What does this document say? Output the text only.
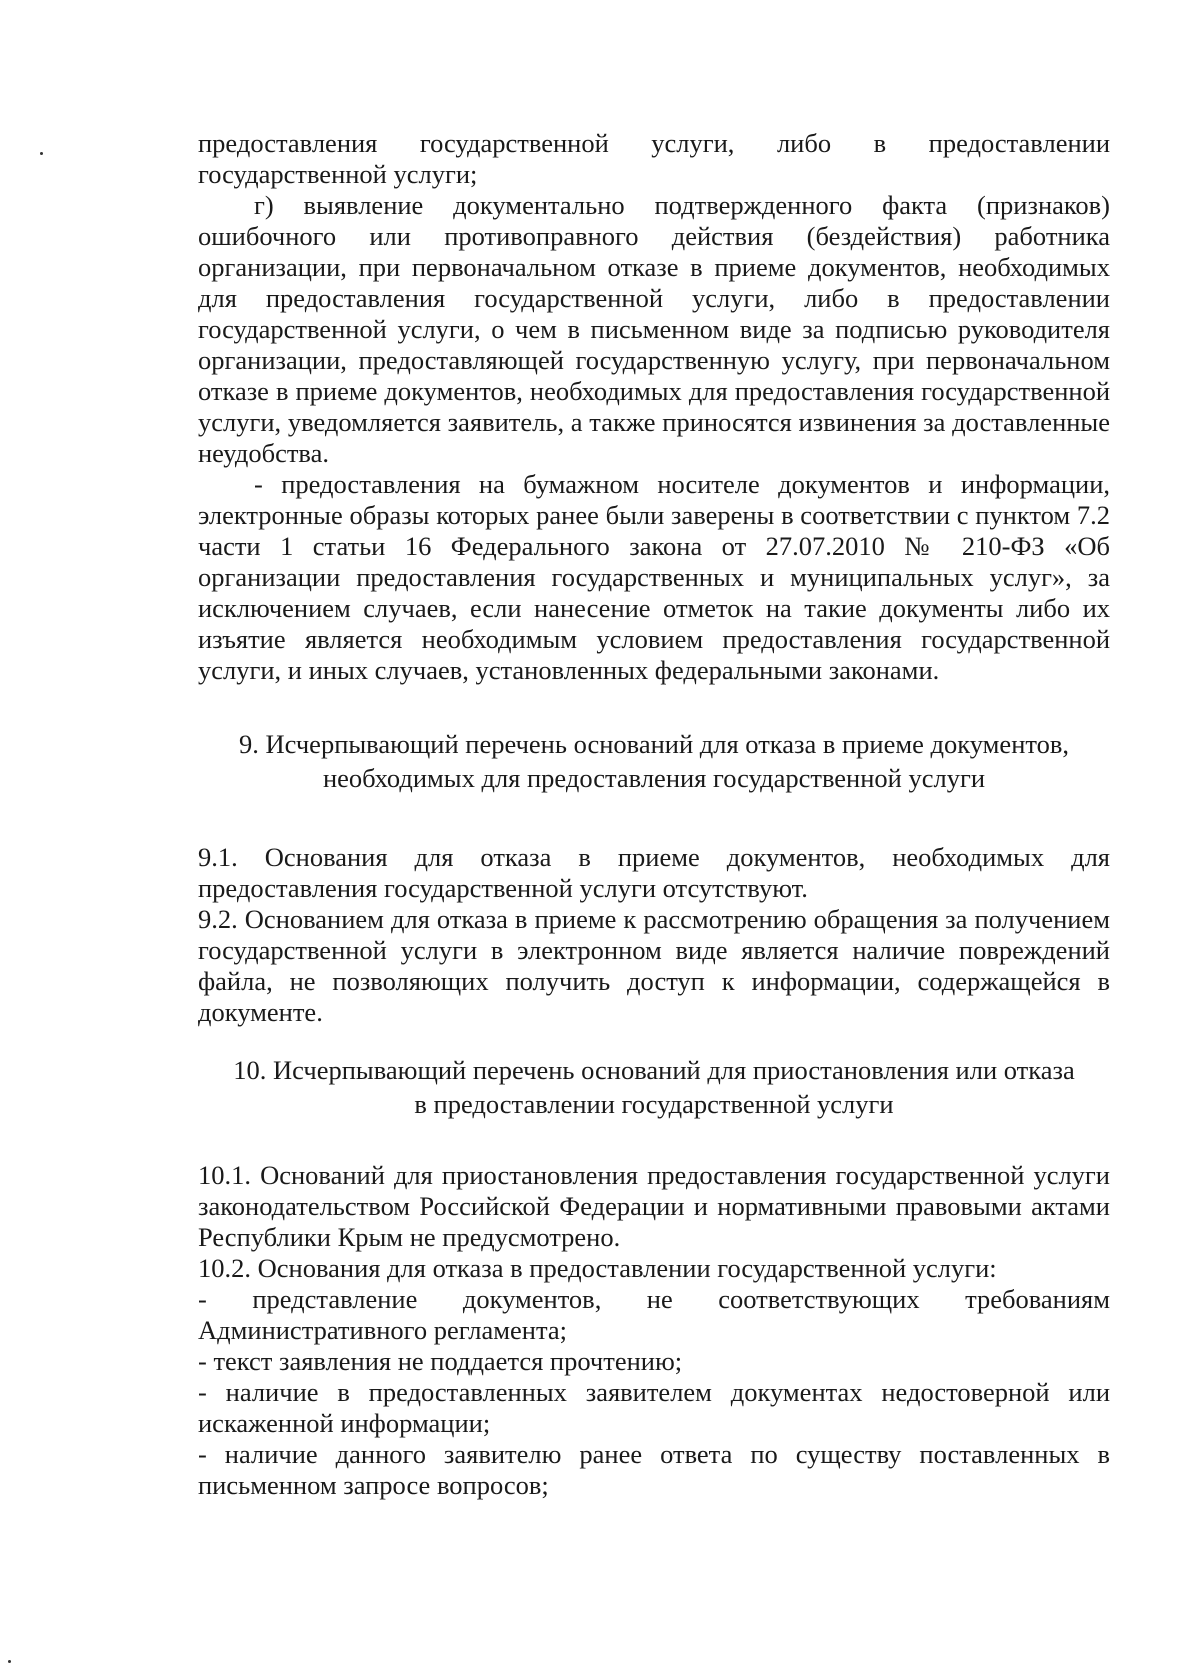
предоставления государственной услуги, либо в предоставлении государственной услуги;

г) выявление документально подтвержденного факта (признаков) ошибочного или противоправного действия (бездействия) работника организации, при первоначальном отказе в приеме документов, необходимых для предоставления государственной услуги, либо в предоставлении государственной услуги, о чем в письменном виде за подписью руководителя организации, предоставляющей государственную услугу, при первоначальном отказе в приеме документов, необходимых для предоставления государственной услуги, уведомляется заявитель, а также приносятся извинения за доставленные неудобства.

- предоставления на бумажном носителе документов и информации, электронные образы которых ранее были заверены в соответствии с пунктом 7.2 части 1 статьи 16 Федерального закона от 27.07.2010 № 210-ФЗ «Об организации предоставления государственных и муниципальных услуг», за исключением случаев, если нанесение отметок на такие документы либо их изъятие является необходимым условием предоставления государственной услуги, и иных случаев, установленных федеральными законами.

9. Исчерпывающий перечень оснований для отказа в приеме документов,
необходимых для предоставления государственной услуги

9.1. Основания для отказа в приеме документов, необходимых для предоставления государственной услуги отсутствуют.

9.2. Основанием для отказа в приеме к рассмотрению обращения за получением государственной услуги в электронном виде является наличие повреждений файла, не позволяющих получить доступ к информации, содержащейся в документе.

10. Исчерпывающий перечень оснований для приостановления или отказа
в предоставлении государственной услуги

10.1. Оснований для приостановления предоставления государственной услуги законодательством Российской Федерации и нормативными правовыми актами Республики Крым не предусмотрено.

10.2. Основания для отказа в предоставлении государственной услуги:

- представление документов, не соответствующих требованиям Административного регламента;

- текст заявления не поддается прочтению;

- наличие в предоставленных заявителем документах недостоверной или искаженной информации;

- наличие данного заявителю ранее ответа по существу поставленных в письменном запросе вопросов;
